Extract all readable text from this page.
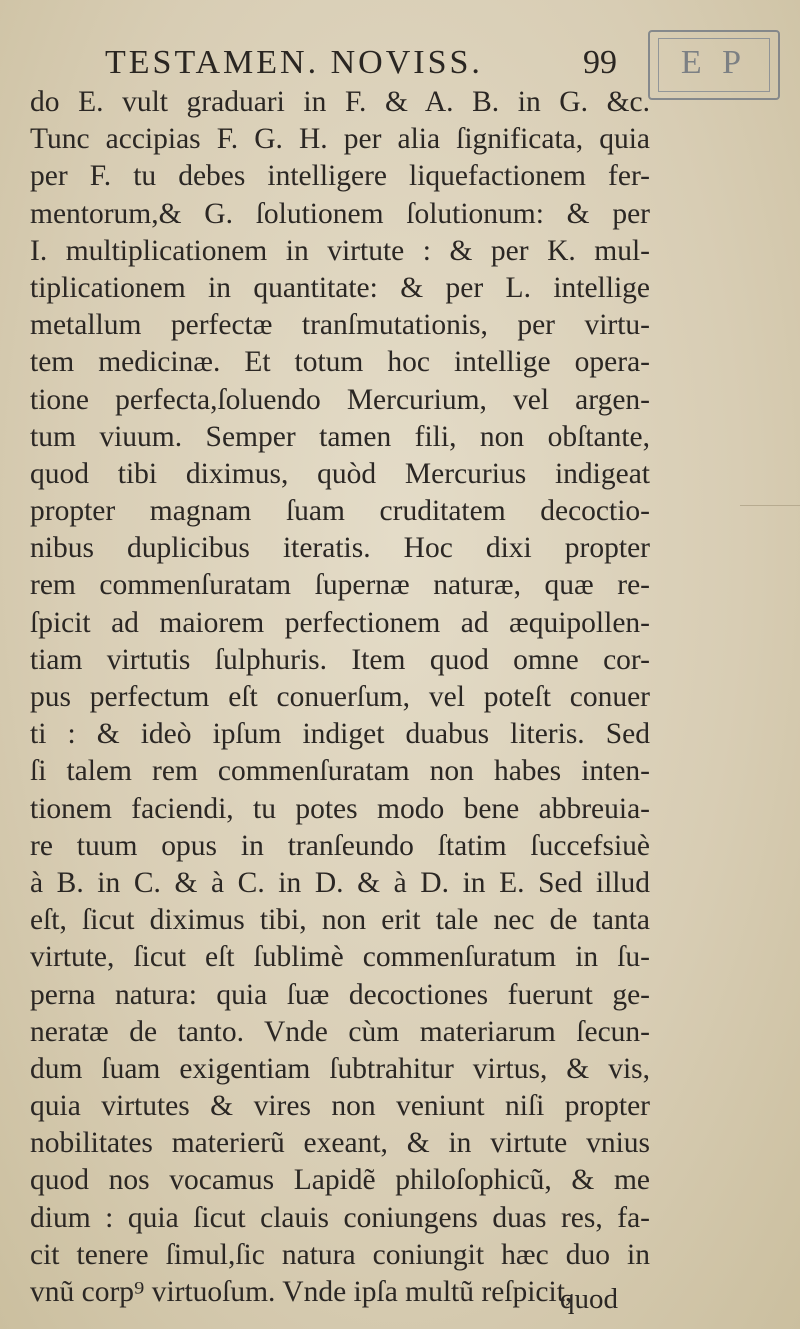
TESTAMEN. NOVISS.	99	E P
do E. vult graduari in F. & A. B. in G. &c.
Tunc accipias F. G. H. per alia ſignificata, quia
per F. tu debes intelligere liquefactionem fer-
mentorum,& G. ſolutionem ſolutionum: & per
I. multiplicationem in virtute : & per K. mul-
tiplicationem in quantitate: & per L. intellige
metallum perfectæ tranſmutationis, per virtu-
tem medicinæ. Et totum hoc intellige opera-
tione perfecta,ſoluendo Mercurium, vel argen-
tum viuum. Semper tamen fili, non obſtante,
quod tibi diximus, quòd Mercurius indigeat
propter magnam ſuam cruditatem decoctio-
nibus duplicibus iteratis. Hoc dixi propter
rem commenſuratam ſupernæ naturæ, quæ re-
ſpicit ad maiorem perfectionem ad æquipollen-
tiam virtutis ſulphuris. Item quod omne cor-
pus perfectum eſt conuerſum, vel poteſt conuer
ti : & ideò ipſum indiget duabus literis. Sed
ſi talem rem commenſuratam non habes inten-
tionem faciendi, tu potes modo bene abbreuia-
re tuum opus in tranſeundo ſtatim ſuccefsiuè
à B. in C. & à C. in D. & à D. in E. Sed illud
eſt, ſicut diximus tibi, non erit tale nec de tanta
virtute, ſicut eſt ſublimè commenſuratum in ſu-
perna natura: quia ſuæ decoctiones fuerunt ge-
neratæ de tanto. Vnde cùm materiarum ſecun-
dum ſuam exigentiam ſubtrahitur virtus, & vis,
quia virtutes & vires non veniunt niſi propter
nobilitates materierũ exeant, & in virtute vnius
quod nos vocamus Lapidẽ philoſophicũ, & me
dium : quia ſicut clauis coniungens duas res, fa-
cit tenere ſimul,ſic natura coniungit hæc duo in
vnũ corp⁹ virtuoſum. Vnde ipſa multũ reſpicit,
quod
